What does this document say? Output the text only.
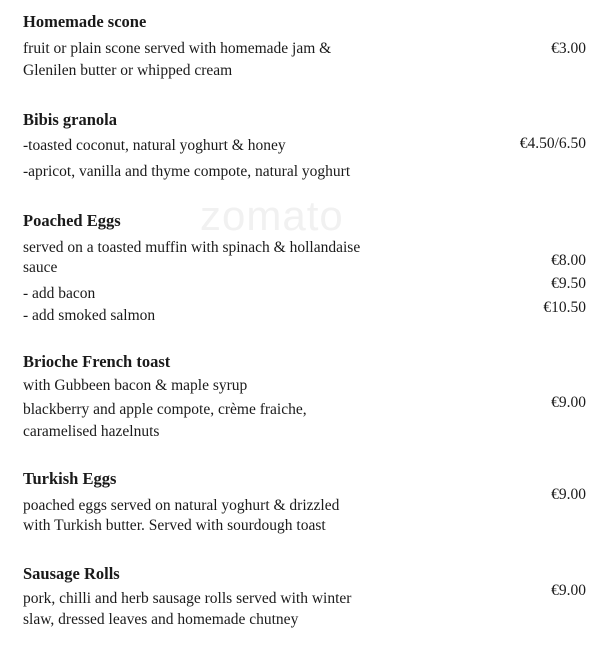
zomato
Homemade scone
fruit or plain scone served with homemade jam &
Glenilen butter or whipped cream
€3.00
Bibis granola
-toasted coconut, natural yoghurt & honey
-apricot, vanilla and thyme compote, natural yoghurt
€4.50/6.50
Poached Eggs
served on a toasted muffin with spinach & hollandaise
sauce
- add bacon
- add smoked salmon
€8.00
€9.50
€10.50
Brioche French toast
with Gubbeen bacon & maple syrup
blackberry and apple compote, crème fraiche,
caramelised hazelnuts
€9.00
Turkish Eggs
poached eggs served on natural yoghurt & drizzled
with Turkish butter. Served with sourdough toast
€9.00
Sausage Rolls
pork, chilli and herb sausage rolls served with winter
slaw, dressed leaves and homemade chutney
€9.00
